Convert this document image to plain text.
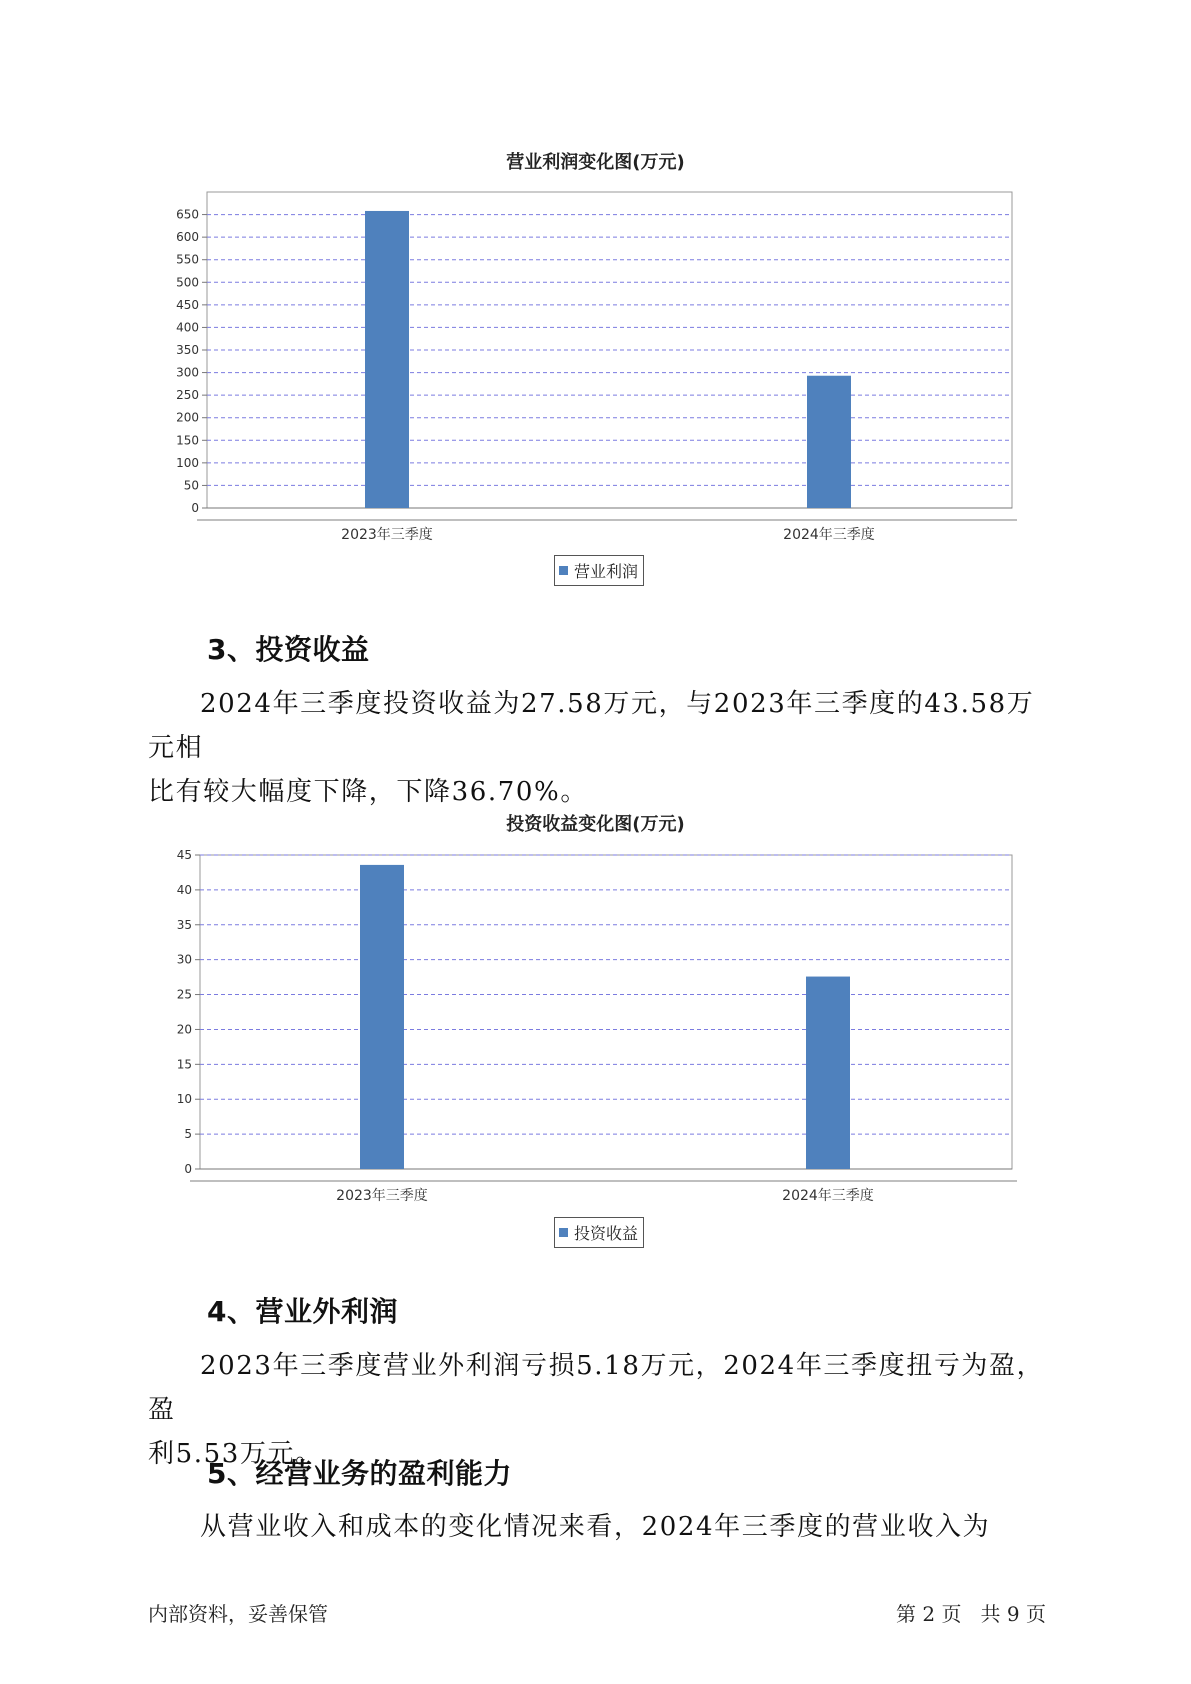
营业利润变化图(万元)
0
50
100
150
200
250
300
350
400
450
500
550
600
650
2023年三季度	2024年三季度
营业利润
3、投资收益

2024年三季度投资收益为27.58万元，与2023年三季度的43.58万元相
比有较大幅度下降，下降36.70%。

投资收益变化图(万元)
0
5
10
15
20
25
30
35
40
45
2023年三季度	2024年三季度
投资收益
4、营业外利润

2023年三季度营业外利润亏损5.18万元，2024年三季度扭亏为盈，盈
利5.53万元。

5、经营业务的盈利能力

从营业收入和成本的变化情况来看，2024年三季度的营业收入为

内部资料，妥善保管	第 2 页   共 9 页
